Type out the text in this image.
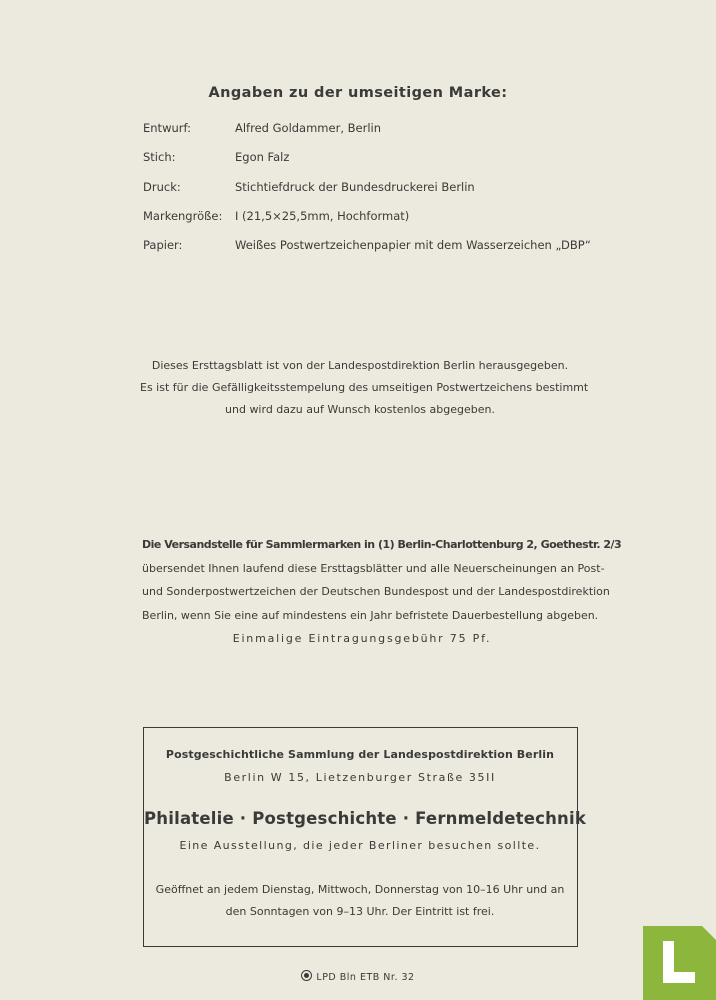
Angaben zu der umseitigen Marke:
Entwurf:	Alfred Goldammer, Berlin
Stich:	Egon Falz
Druck:	Stichtiefdruck der Bundesdruckerei Berlin
Markengröße: I (21,5×25,5mm, Hochformat)
Papier:	Weißes Postwertzeichenpapier mit dem Wasserzeichen „DBP“
Dieses Ersttagsblatt ist von der Landespostdirektion Berlin herausgegeben.
Es ist für die Gefälligkeitsstempelung des umseitigen Postwertzeichens bestimmt
und wird dazu auf Wunsch kostenlos abgegeben.
Die Versandstelle für Sammlermarken in (1) Berlin-Charlottenburg 2, Goethestr. 2/3
übersendet Ihnen laufend diese Ersttagsblätter und alle Neuerscheinungen an Post-
und Sonderpostwertzeichen der Deutschen Bundespost und der Landespostdirektion
Berlin, wenn Sie eine auf mindestens ein Jahr befristete Dauerbestellung abgeben.
Einmalige Eintragungsgebühr 75 Pf.
Postgeschichtliche Sammlung der Landespostdirektion Berlin
Berlin W 15, Lietzenburger Straße 35II
Philatelie · Postgeschichte · Fernmeldetechnik
Eine Ausstellung, die jeder Berliner besuchen sollte.
Geöffnet an jedem Dienstag, Mittwoch, Donnerstag von 10–16 Uhr und an
den Sonntagen von 9–13 Uhr. Der Eintritt ist frei.
LPD Bln ETB Nr. 32
